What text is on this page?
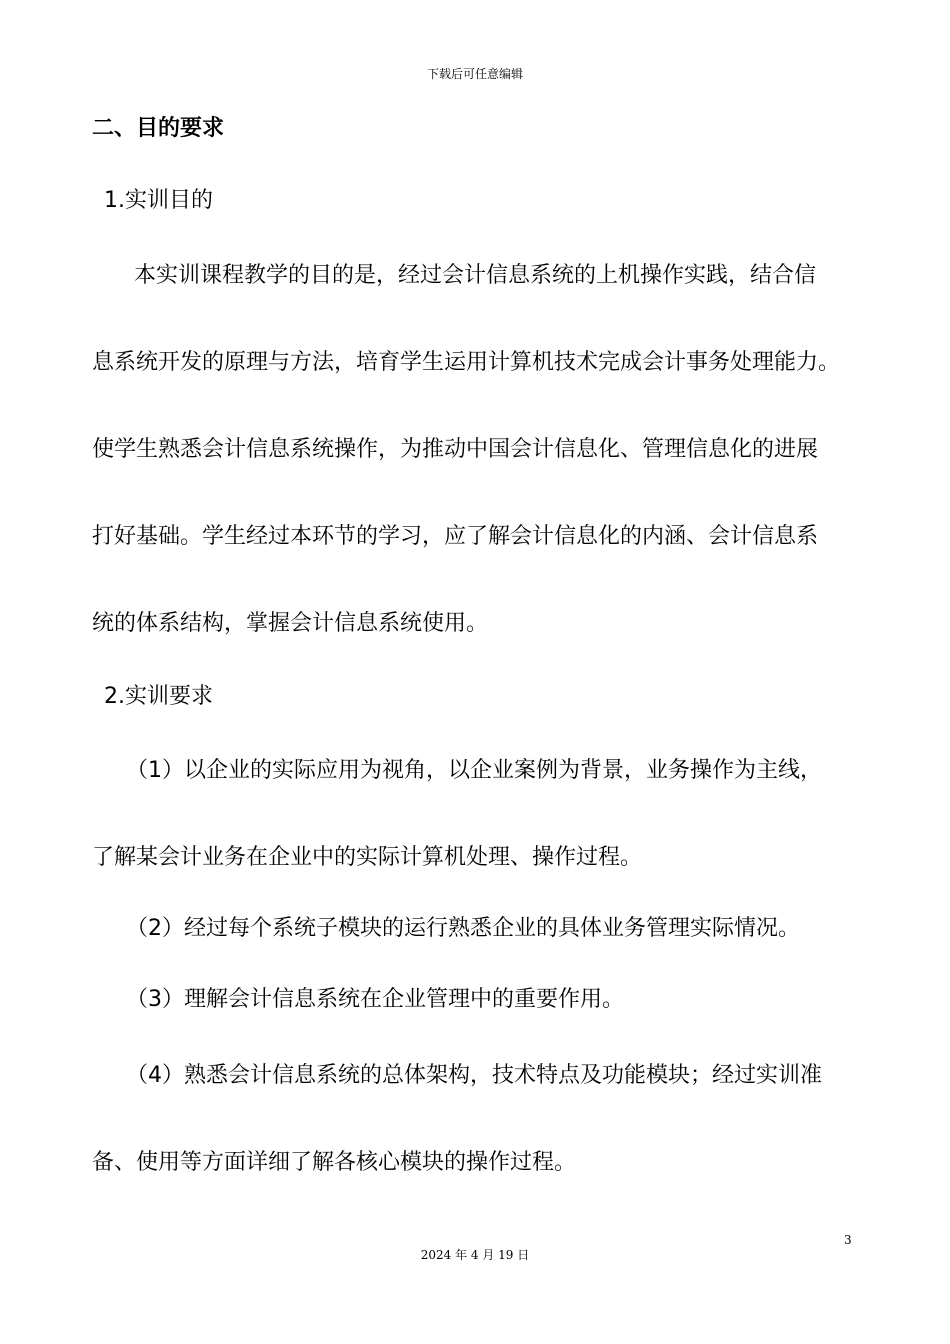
下载后可任意编辑
二、目的要求
1.实训目的
本实训课程教学的目的是，经过会计信息系统的上机操作实践，结合信
息系统开发的原理与方法，培育学生运用计算机技术完成会计事务处理能力。
使学生熟悉会计信息系统操作，为推动中国会计信息化、管理信息化的进展
打好基础。学生经过本环节的学习，应了解会计信息化的内涵、会计信息系
统的体系结构，掌握会计信息系统使用。
2.实训要求
（1）以企业的实际应用为视角，以企业案例为背景，业务操作为主线，
了解某会计业务在企业中的实际计算机处理、操作过程。
（2）经过每个系统子模块的运行熟悉企业的具体业务管理实际情况。
（3）理解会计信息系统在企业管理中的重要作用。
（4）熟悉会计信息系统的总体架构，技术特点及功能模块；经过实训准
备、使用等方面详细了解各核心模块的操作过程。
3
2024 年 4 月 19 日
